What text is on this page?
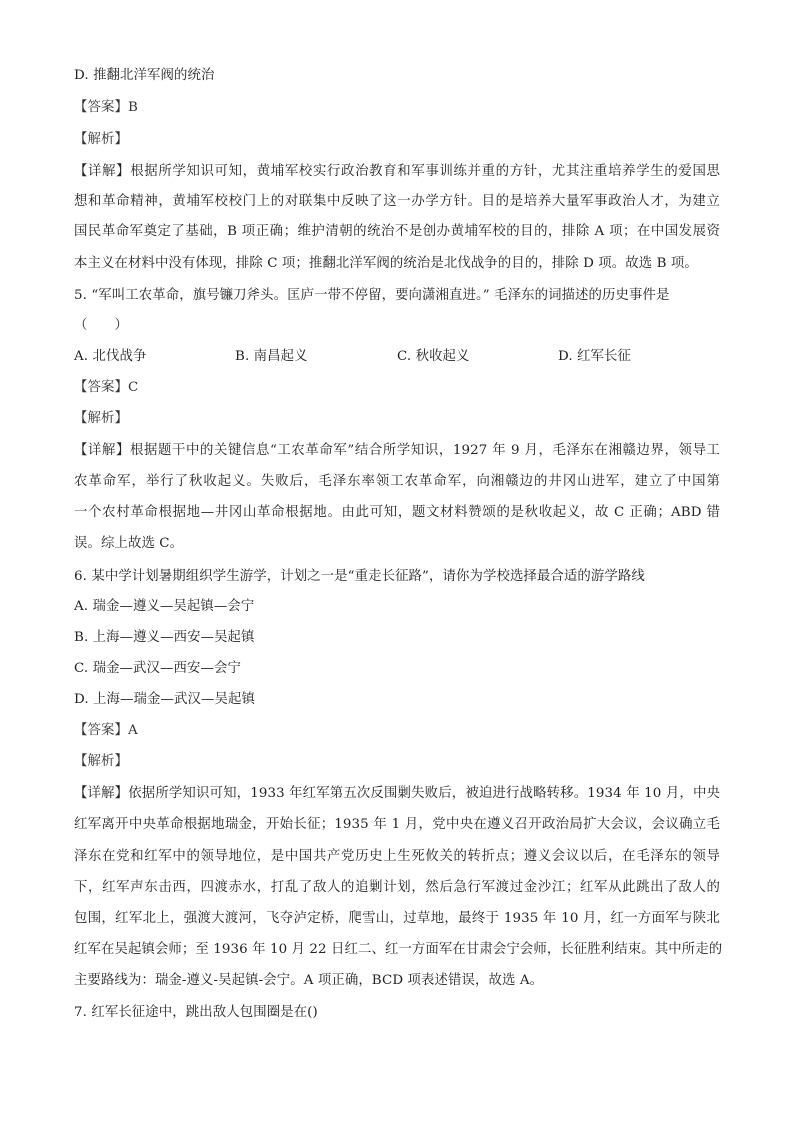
D. 推翻北洋军阀的统治
【答案】B
【解析】
【详解】根据所学知识可知，黄埔军校实行政治教育和军事训练并重的方针，尤其注重培养学生的爱国思
想和革命精神，黄埔军校校门上的对联集中反映了这一办学方针。目的是培养大量军事政治人才，为建立
国民革命军奠定了基础，B 项正确；维护清朝的统治不是创办黄埔军校的目的，排除 A 项；在中国发展资
本主义在材料中没有体现，排除 C 项；推翻北洋军阀的统治是北伐战争的目的，排除 D 项。故选 B 项。
5. “军叫工农革命，旗号镰刀斧头。匡庐一带不停留，要向潇湘直进。” 毛泽东的词描述的历史事件是
（　　）
A. 北伐战争	B. 南昌起义	C. 秋收起义	D. 红军长征
【答案】C
【解析】
【详解】根据题干中的关键信息“工农革命军”结合所学知识，1927 年 9 月，毛泽东在湘赣边界，领导工
农革命军，举行了秋收起义。失败后，毛泽东率领工农革命军，向湘赣边的井冈山进军，建立了中国第
一个农村革命根据地—井冈山革命根据地。由此可知，题文材料赞颂的是秋收起义，故 C 正确；ABD 错
误。综上故选 C。
6. 某中学计划暑期组织学生游学，计划之一是“重走长征路”，请你为学校选择最合适的游学路线
A. 瑞金—遵义—吴起镇—会宁
B. 上海—遵义—西安—吴起镇
C. 瑞金—武汉—西安—会宁
D. 上海—瑞金—武汉—吴起镇
【答案】A
【解析】
【详解】依据所学知识可知，1933 年红军第五次反围剿失败后，被迫进行战略转移。1934 年 10 月，中央
红军离开中央革命根据地瑞金，开始长征；1935 年 1 月，党中央在遵义召开政治局扩大会议，会议确立毛
泽东在党和红军中的领导地位，是中国共产党历史上生死攸关的转折点；遵义会议以后，在毛泽东的领导
下，红军声东击西，四渡赤水，打乱了敌人的追剿计划，然后急行军渡过金沙江；红军从此跳出了敌人的
包围，红军北上，强渡大渡河，飞夺泸定桥，爬雪山，过草地，最终于 1935 年 10 月，红一方面军与陕北
红军在吴起镇会师；至 1936 年 10 月 22 日红二、红一方面军在甘肃会宁会师，长征胜利结束。其中所走的
主要路线为：瑞金-遵义-吴起镇-会宁。A 项正确，BCD 项表述错误，故选 A。
7. 红军长征途中，跳出敌人包围圈是在()
